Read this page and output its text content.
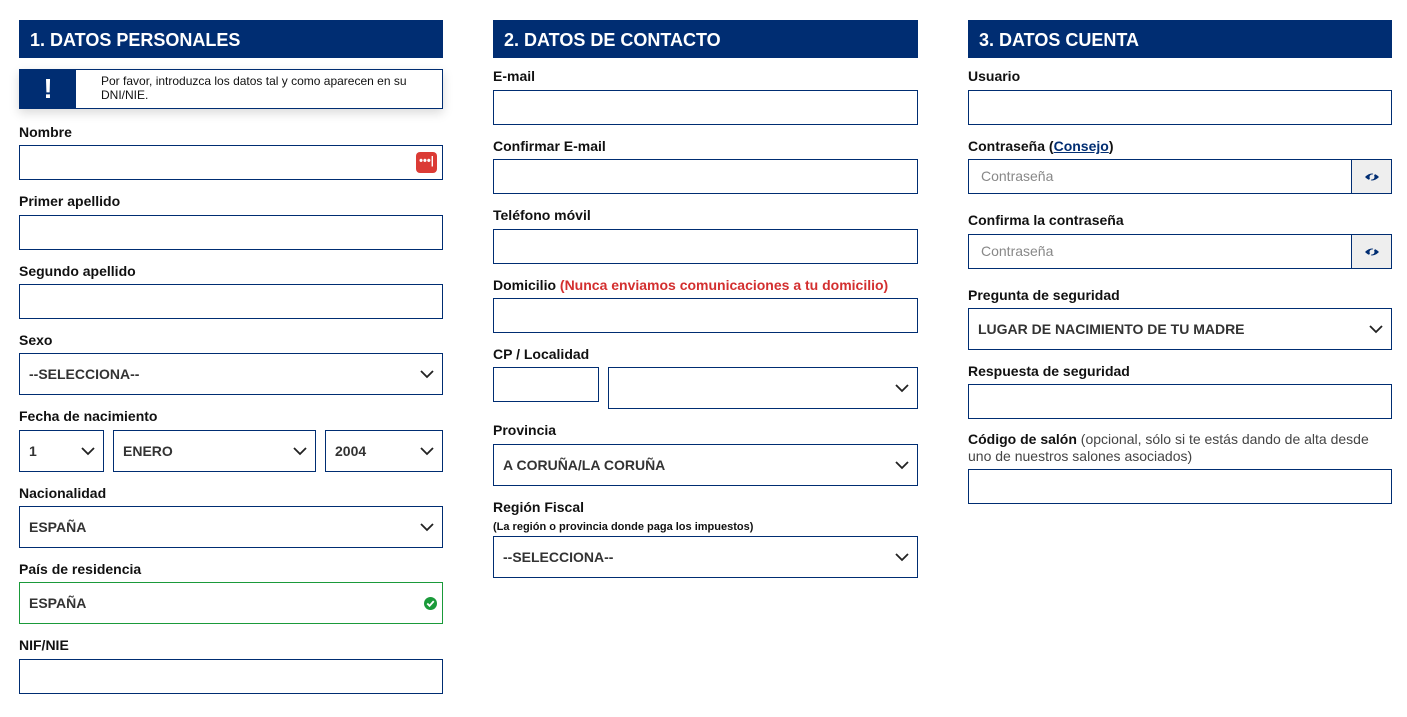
1. DATOS PERSONALES
!	Por favor, introduzca los datos tal y como aparecen en su DNI/NIE.
Nombre
•••|
Primer apellido
Segundo apellido
Sexo
--SELECCIONA--
Fecha de nacimiento
1	ENERO	2004
Nacionalidad
ESPAÑA
País de residencia
ESPAÑA
NIF/NIE
2. DATOS DE CONTACTO
E-mail
Confirmar E-mail
Teléfono móvil
Domicilio (Nunca enviamos comunicaciones a tu domicilio)
CP / Localidad
Provincia
A CORUÑA/LA CORUÑA
Región Fiscal
(La región o provincia donde paga los impuestos)
--SELECCIONA--
3. DATOS CUENTA
Usuario
Contraseña (Consejo)
Contraseña
Confirma la contraseña
Contraseña
Pregunta de seguridad
LUGAR DE NACIMIENTO DE TU MADRE
Respuesta de seguridad
Código de salón (opcional, sólo si te estás dando de alta desde uno de nuestros salones asociados)
